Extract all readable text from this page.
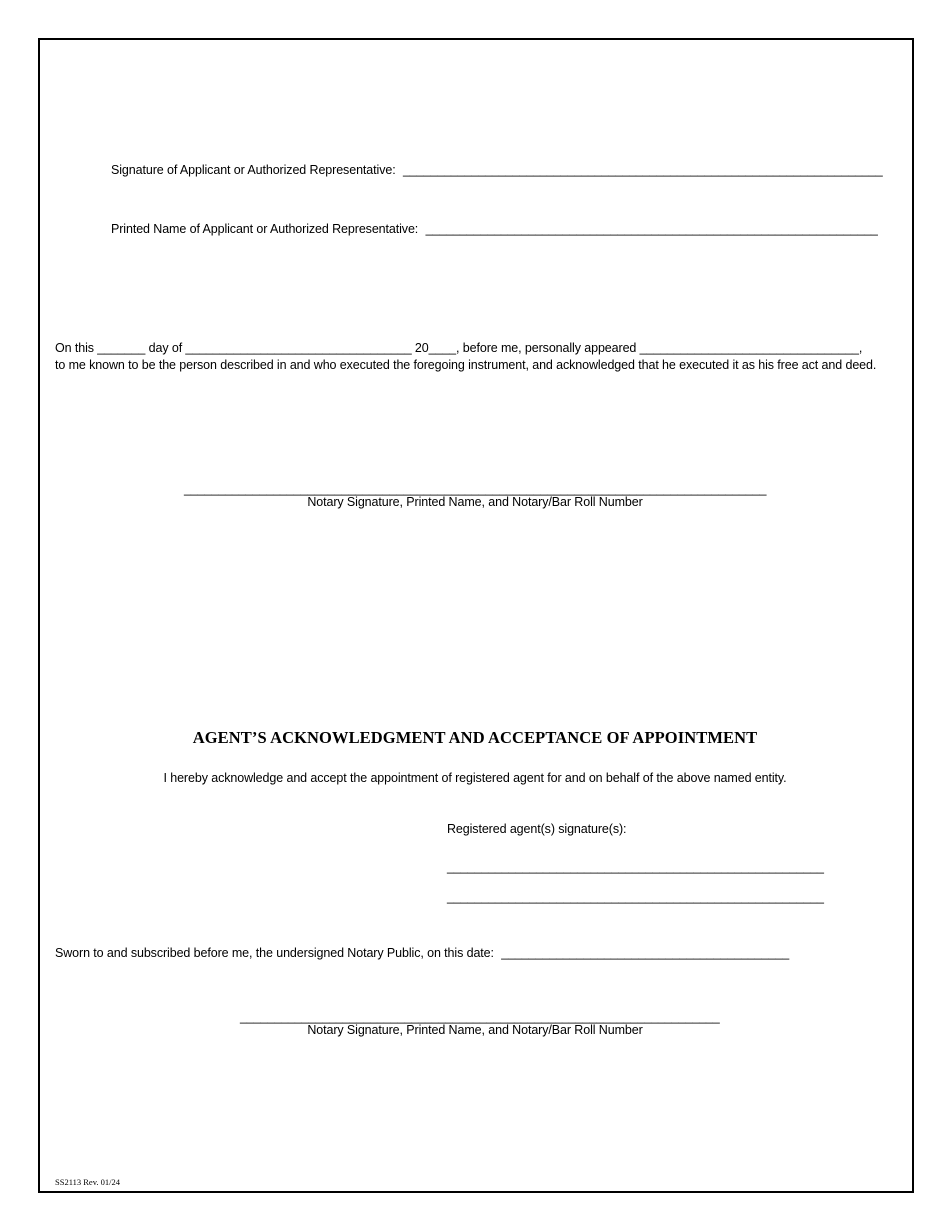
Signature of Applicant or Authorized Representative: ______________________________________________________________________
Printed Name of Applicant or Authorized Representative: __________________________________________________________________
On this _______ day of _________________________________ 20____, before me, personally appeared ________________________________,
to me known to be the person described in and who executed the foregoing instrument, and acknowledged that he executed it as his free act and deed.
_____________________________________________________________________________________
Notary Signature, Printed Name, and Notary/Bar Roll Number
AGENT’S ACKNOWLEDGMENT AND ACCEPTANCE OF APPOINTMENT
I hereby acknowledge and accept the appointment of registered agent for and on behalf of the above named entity.
Registered agent(s) signature(s):
_______________________________________________________
_______________________________________________________
Sworn to and subscribed before me, the undersigned Notary Public, on this date: __________________________________________
______________________________________________________________________
Notary Signature, Printed Name, and Notary/Bar Roll Number
SS2113 Rev. 01/24
